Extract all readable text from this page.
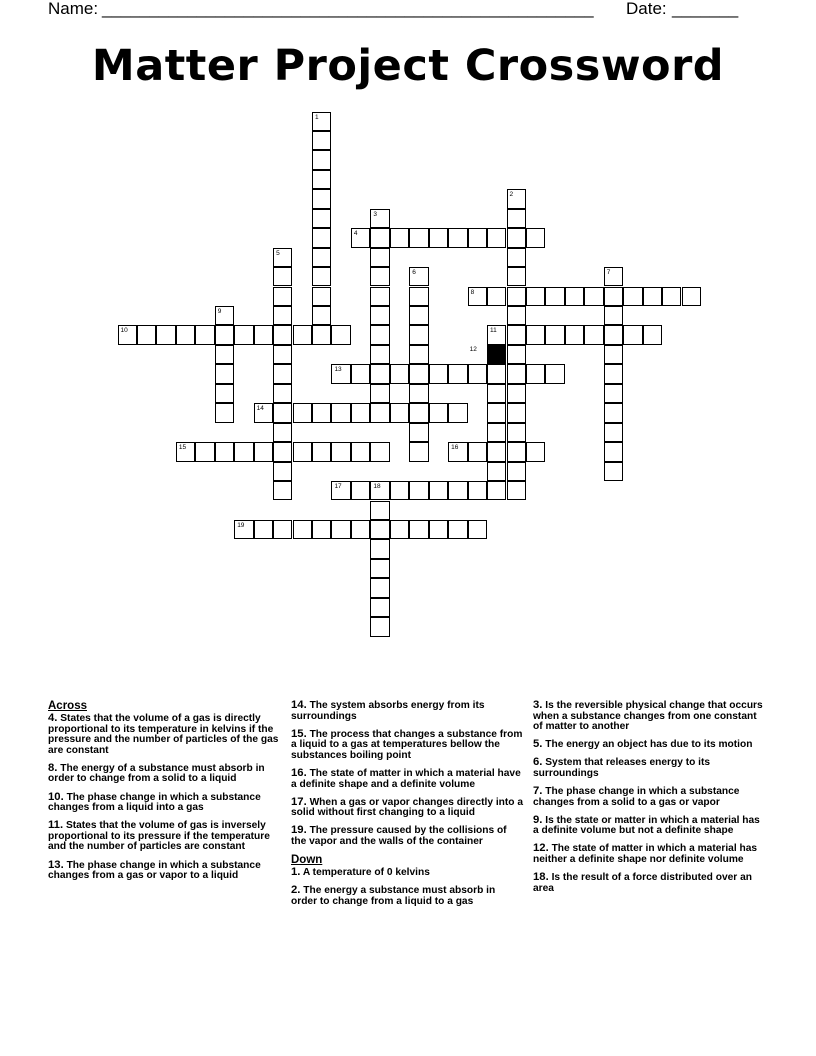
Name: ____________________________________________________ Date: _______
Matter Project Crossword
1
2
3
5
6	7
9
18
4
8
10	11
13
14
15	16
17
19
12
Across
4. States that the volume of a gas is directly proportional to its temperature in kelvins if the pressure and the number of particles of the gas are constant
8. The energy of a substance must absorb in order to change from a solid to a liquid
10. The phase change in which a substance changes from a liquid into a gas
11. States that the volume of gas is inversely proportional to its pressure if the temperature and the number of particles are constant
13. The phase change in which a substance changes from a gas or vapor to a liquid
14. The system absorbs energy from its surroundings
15. The process that changes a substance from a liquid to a gas at temperatures bellow the substances boiling point
16. The state of matter in which a material have a definite shape and a definite volume
17. When a gas or vapor changes directly into a solid without first changing to a liquid
19. The pressure caused by the collisions of the vapor and the walls of the container
Down
1. A temperature of 0 kelvins
2. The energy a substance must absorb in order to change from a liquid to a gas
3. Is the reversible physical change that occurs when a substance changes from one constant of matter to another
5. The energy an object has due to its motion
6. System that releases energy to its surroundings
7. The phase change in which a substance changes from a solid to a gas or vapor
9. Is the state or matter in which a material has a definite volume but not a definite shape
12. The state of matter in which a material has neither a definite shape nor definite volume
18. Is the result of a force distributed over an area
